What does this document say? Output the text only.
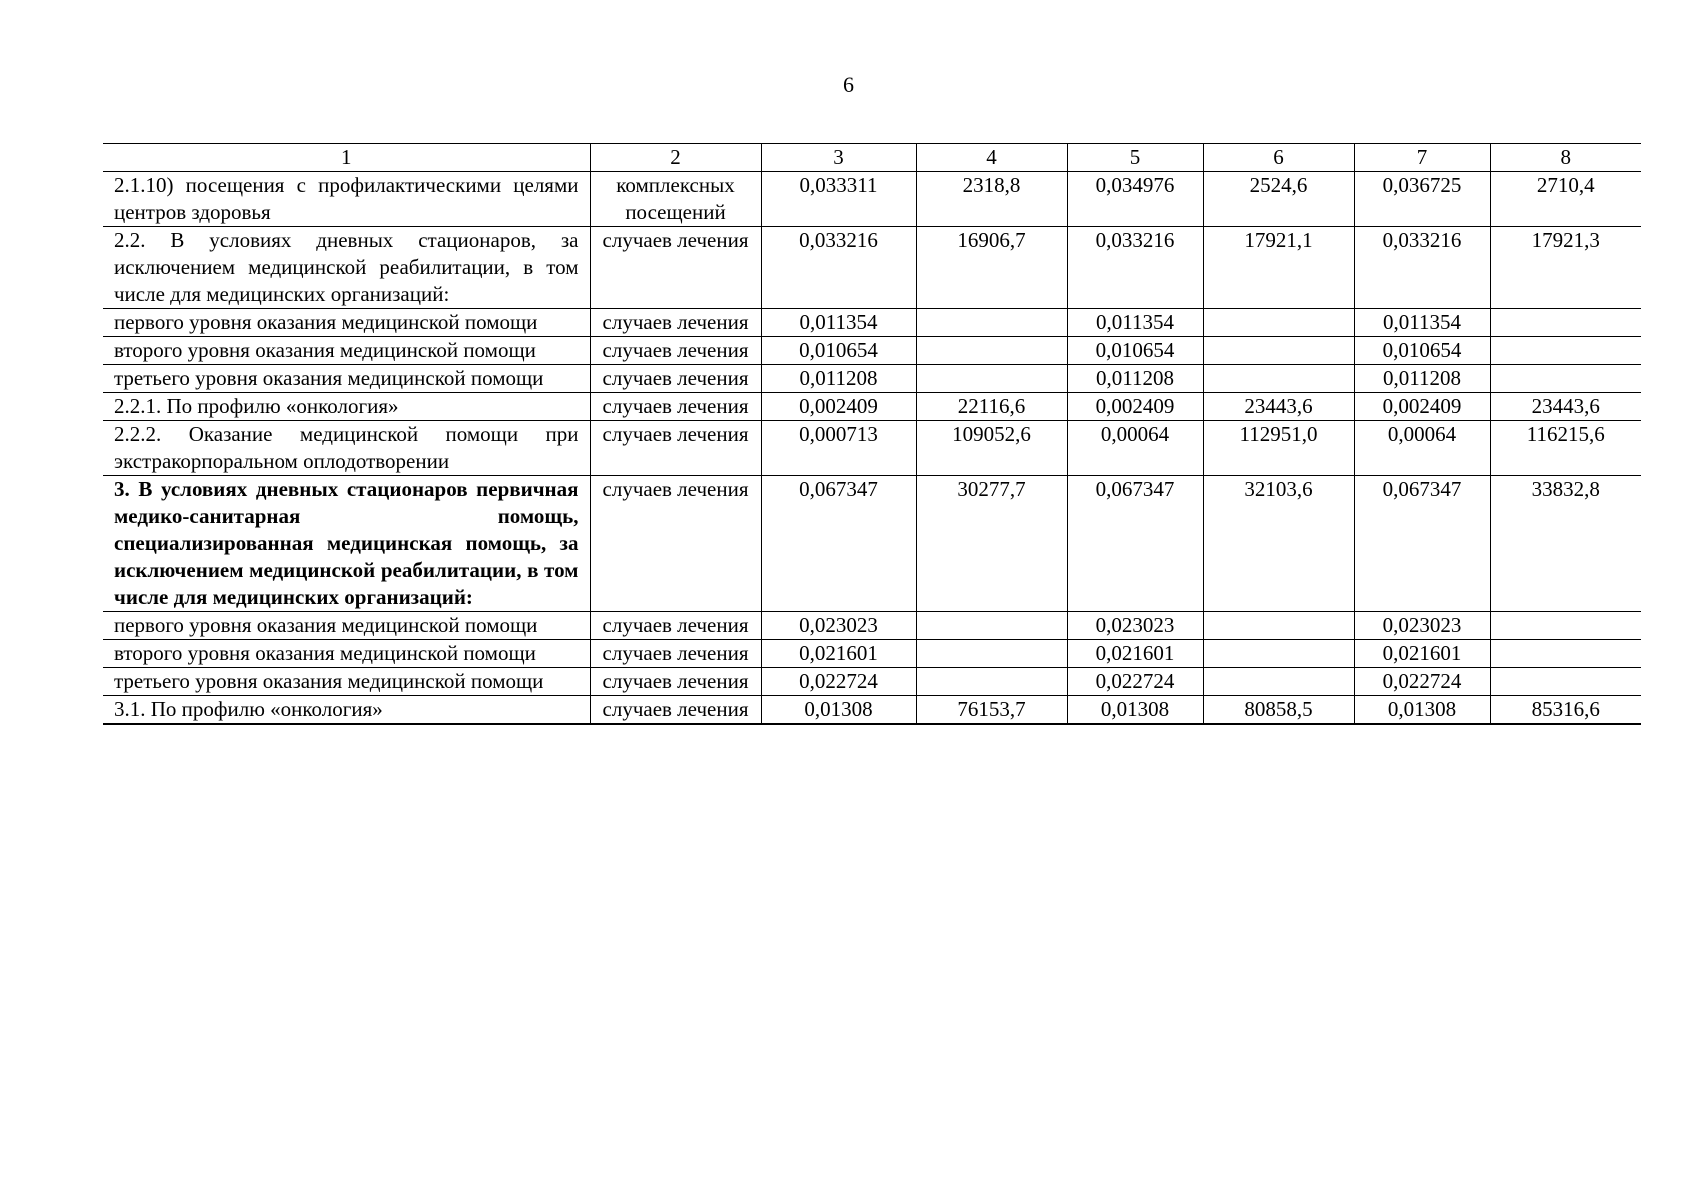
6
1	2	3	4	5	6	7	8
2.1.10) посещения с профилактическими целями центров здоровья	комплексных посещений	0,033311	2318,8	0,034976	2524,6	0,036725	2710,4
2.2. В условиях дневных стационаров, за исключением медицинской реабилитации, в том числе для медицинских организаций:	случаев лечения	0,033216	16906,7	0,033216	17921,1	0,033216	17921,3
первого уровня оказания медицинской помощи	случаев лечения	0,011354		0,011354		0,011354	
второго уровня оказания медицинской помощи	случаев лечения	0,010654		0,010654		0,010654	
третьего уровня оказания медицинской помощи	случаев лечения	0,011208		0,011208		0,011208	
2.2.1. По профилю «онкология»	случаев лечения	0,002409	22116,6	0,002409	23443,6	0,002409	23443,6
2.2.2. Оказание медицинской помощи при экстракорпоральном оплодотворении	случаев лечения	0,000713	109052,6	0,00064	112951,0	0,00064	116215,6
3. В условиях дневных стационаров первичная медико-санитарная помощь, специализированная медицинская помощь, за исключением медицинской реабилитации, в том числе для медицинских организаций:	случаев лечения	0,067347	30277,7	0,067347	32103,6	0,067347	33832,8
первого уровня оказания медицинской помощи	случаев лечения	0,023023		0,023023		0,023023	
второго уровня оказания медицинской помощи	случаев лечения	0,021601		0,021601		0,021601	
третьего уровня оказания медицинской помощи	случаев лечения	0,022724		0,022724		0,022724	
3.1. По профилю «онкология»	случаев лечения	0,01308	76153,7	0,01308	80858,5	0,01308	85316,6
